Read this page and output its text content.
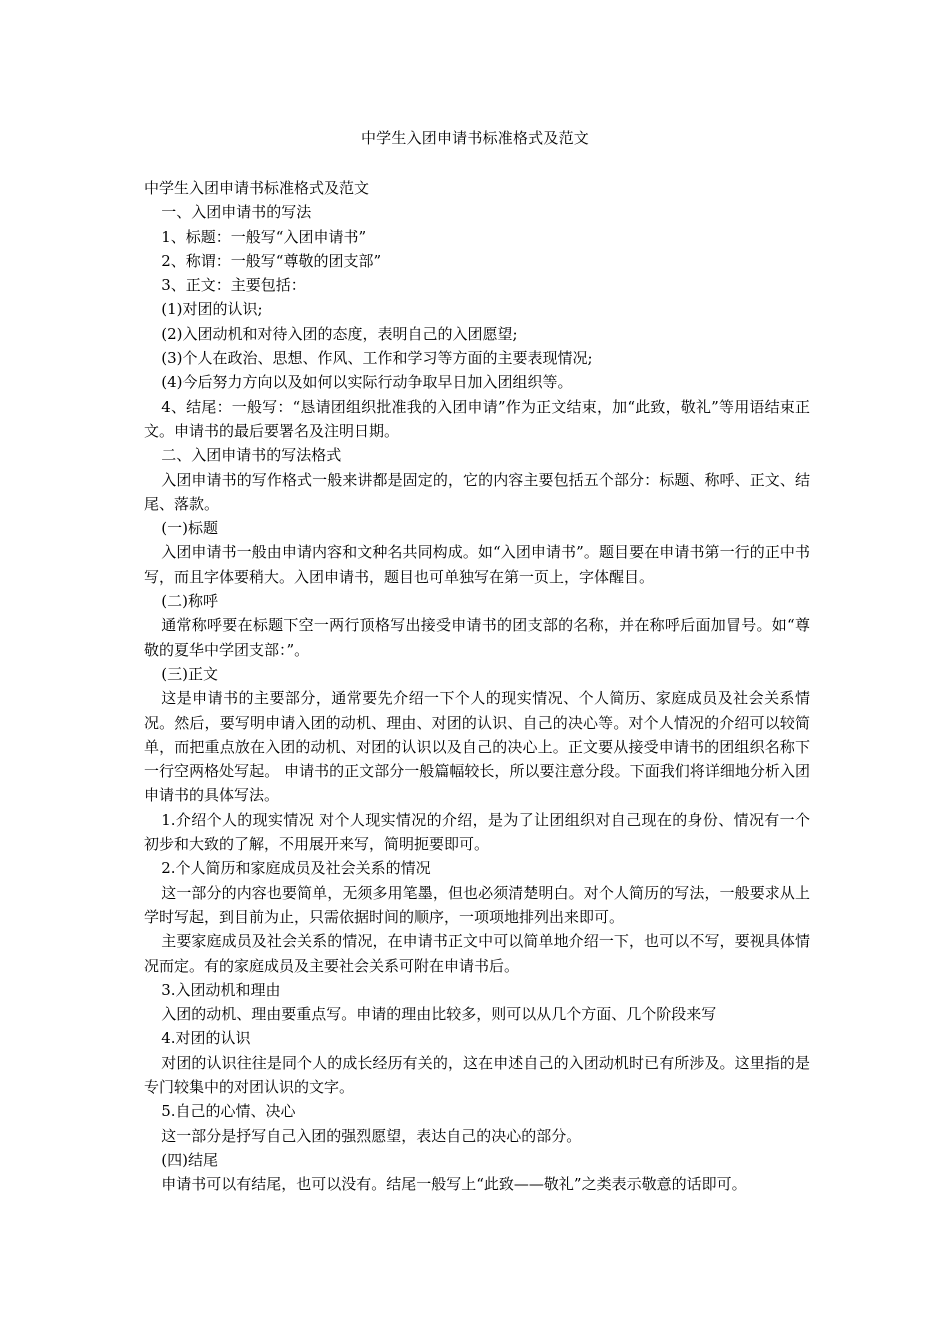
中学生入团申请书标准格式及范文

中学生入团申请书标准格式及范文

一、入团申请书的写法

1、标题：一般写“入团申请书”

2、称谓：一般写“尊敬的团支部”

3、正文：主要包括：

(1)对团的认识;

(2)入团动机和对待入团的态度，表明自己的入团愿望;

(3)个人在政治、思想、作风、工作和学习等方面的主要表现情况;

(4)今后努力方向以及如何以实际行动争取早日加入团组织等。

4、结尾：一般写：“恳请团组织批准我的入团申请”作为正文结束，加“此致，敬礼”等用语结束正文。申请书的最后要署名及注明日期。

二、入团申请书的写法格式

入团申请书的写作格式一般来讲都是固定的，它的内容主要包括五个部分：标题、称呼、正文、结尾、落款。

(一)标题

入团申请书一般由申请内容和文种名共同构成。如“入团申请书”。题目要在申请书第一行的正中书写，而且字体要稍大。入团申请书，题目也可单独写在第一页上，字体醒目。

(二)称呼

通常称呼要在标题下空一两行顶格写出接受申请书的团支部的名称，并在称呼后面加冒号。如“尊敬的夏华中学团支部：”。

(三)正文

这是申请书的主要部分，通常要先介绍一下个人的现实情况、个人简历、家庭成员及社会关系情况。然后，要写明申请入团的动机、理由、对团的认识、自己的决心等。对个人情况的介绍可以较简单，而把重点放在入团的动机、对团的认识以及自己的决心上。正文要从接受申请书的团组织名称下一行空两格处写起。 申请书的正文部分一般篇幅较长，所以要注意分段。下面我们将详细地分析入团申请书的具体写法。

1.介绍个人的现实情况 对个人现实情况的介绍，是为了让团组织对自己现在的身份、情况有一个初步和大致的了解，不用展开来写，简明扼要即可。

2.个人简历和家庭成员及社会关系的情况

这一部分的内容也要简单，无须多用笔墨，但也必须清楚明白。对个人简历的写法，一般要求从上学时写起，到目前为止，只需依据时间的顺序，一项项地排列出来即可。

主要家庭成员及社会关系的情况，在申请书正文中可以简单地介绍一下，也可以不写，要视具体情况而定。有的家庭成员及主要社会关系可附在申请书后。

3.入团动机和理由

入团的动机、理由要重点写。申请的理由比较多，则可以从几个方面、几个阶段来写

4.对团的认识

对团的认识往往是同个人的成长经历有关的，这在申述自己的入团动机时已有所涉及。这里指的是专门较集中的对团认识的文字。

5.自己的心情、决心

这一部分是抒写自己入团的强烈愿望，表达自己的决心的部分。

(四)结尾

申请书可以有结尾，也可以没有。结尾一般写上“此致——敬礼”之类表示敬意的话即可。
